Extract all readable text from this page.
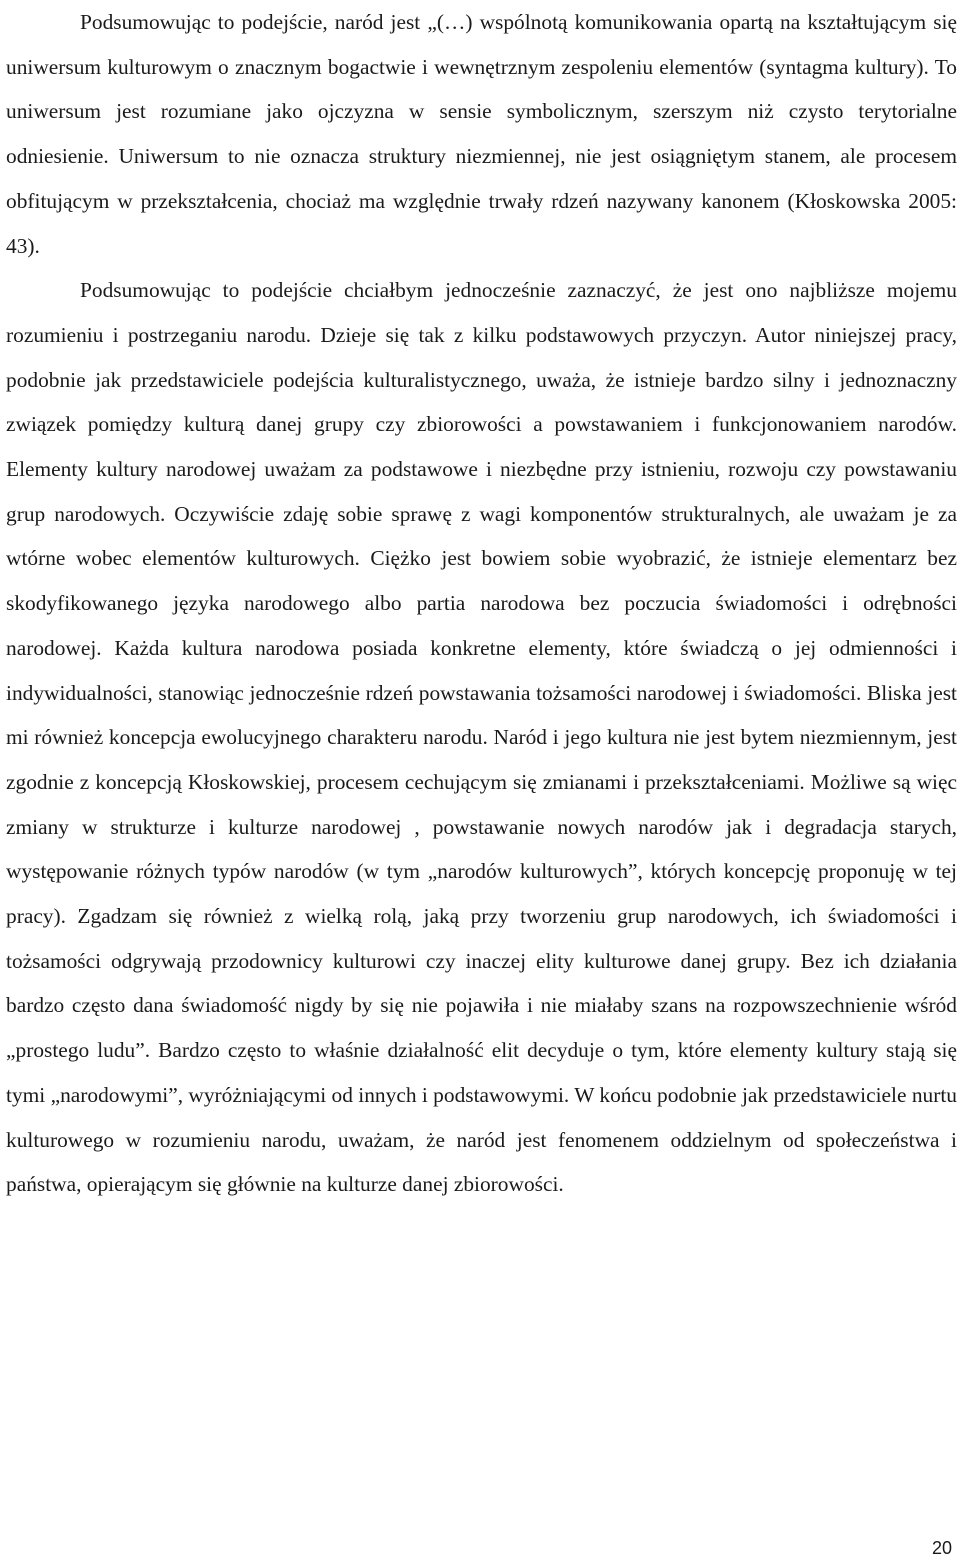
Podsumowując to podejście, naród jest „(…) wspólnotą komunikowania opartą na kształtującym się uniwersum kulturowym o znacznym bogactwie i wewnętrznym zespoleniu elementów (syntagma kultury). To uniwersum jest rozumiane jako ojczyzna w sensie symbolicznym, szerszym niż czysto terytorialne odniesienie. Uniwersum to nie oznacza struktury niezmiennej, nie jest osiągniętym stanem, ale procesem obfitującym w przekształcenia, chociaż ma względnie trwały rdzeń nazywany kanonem (Kłoskowska 2005: 43).

Podsumowując to podejście chciałbym jednocześnie zaznaczyć, że jest ono najbliższe mojemu rozumieniu i postrzeganiu narodu. Dzieje się tak z kilku podstawowych przyczyn. Autor niniejszej pracy, podobnie jak przedstawiciele podejścia kulturalistycznego, uważa, że istnieje bardzo silny i jednoznaczny związek pomiędzy kulturą danej grupy czy zbiorowości a powstawaniem i funkcjonowaniem narodów. Elementy kultury narodowej uważam za podstawowe i niezbędne przy istnieniu, rozwoju czy powstawaniu grup narodowych. Oczywiście zdaję sobie sprawę z wagi komponentów strukturalnych, ale uważam je za wtórne wobec elementów kulturowych. Ciężko jest bowiem sobie wyobrazić, że istnieje elementarz bez skodyfikowanego języka narodowego albo partia narodowa bez poczucia świadomości i odrębności narodowej. Każda kultura narodowa posiada konkretne elementy, które świadczą o jej odmienności i indywidualności, stanowiąc jednocześnie rdzeń powstawania tożsamości narodowej i świadomości. Bliska jest mi również koncepcja ewolucyjnego charakteru narodu. Naród i jego kultura nie jest bytem niezmiennym, jest zgodnie z koncepcją Kłoskowskiej, procesem cechującym się zmianami i przekształceniami. Możliwe są więc zmiany w strukturze i kulturze narodowej , powstawanie nowych narodów jak i degradacja starych, występowanie różnych typów narodów (w tym „narodów kulturowych”, których koncepcję proponuję w tej pracy). Zgadzam się również z wielką rolą, jaką przy tworzeniu grup narodowych, ich świadomości i tożsamości odgrywają przodownicy kulturowi czy inaczej elity kulturowe danej grupy. Bez ich działania bardzo często dana świadomość nigdy by się nie pojawiła i nie miałaby szans na rozpowszechnienie wśród „prostego ludu”. Bardzo często to właśnie działalność elit decyduje o tym, które elementy kultury stają się tymi „narodowymi”, wyróżniającymi od innych i podstawowymi. W końcu podobnie jak przedstawiciele nurtu kulturowego w rozumieniu narodu, uważam, że naród jest fenomenem oddzielnym od społeczeństwa i państwa, opierającym się głównie na kulturze danej zbiorowości.

20
